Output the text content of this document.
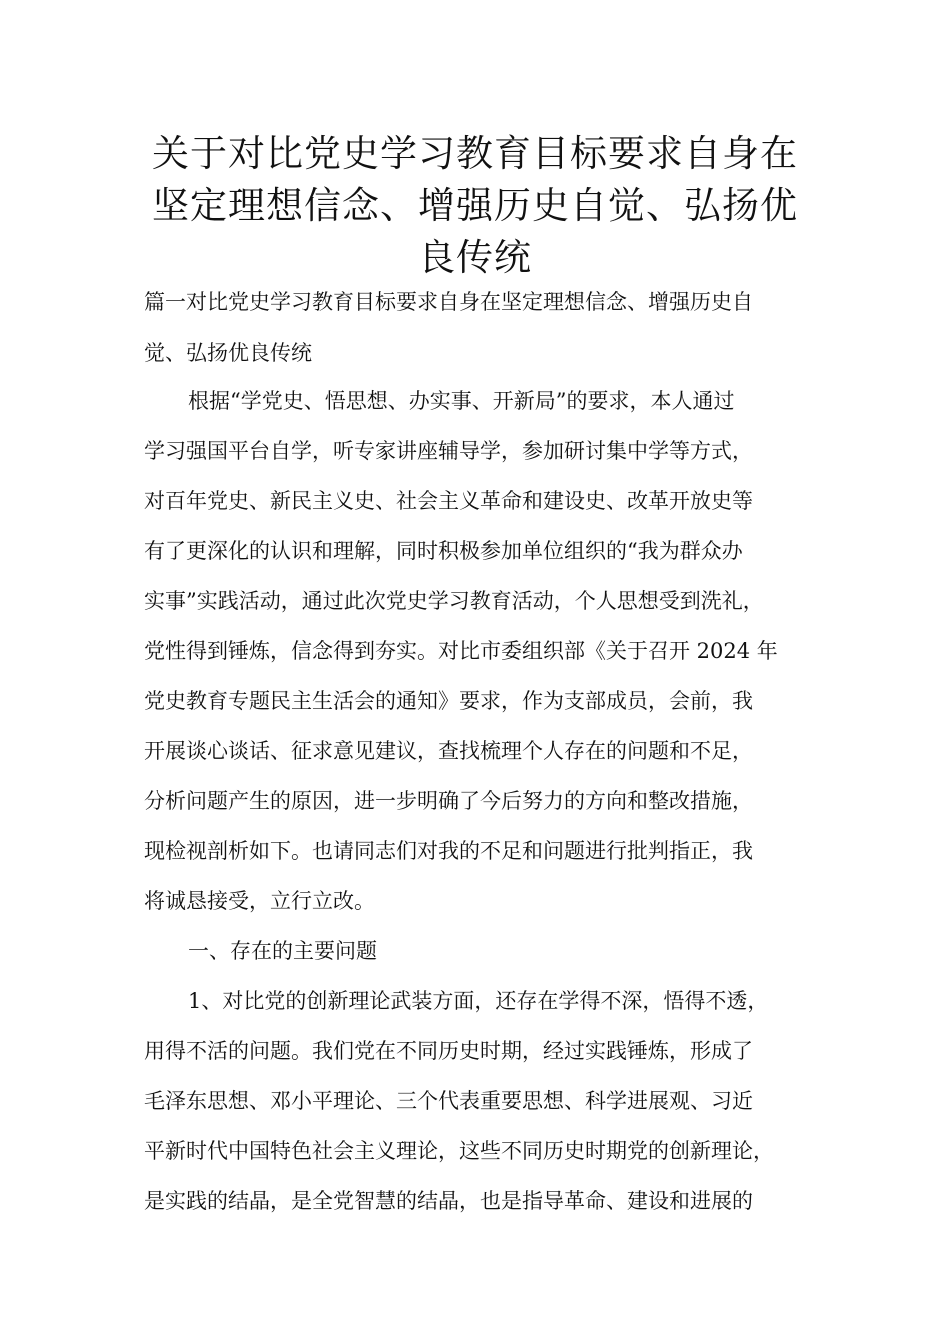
关于对比党史学习教育目标要求自身在
坚定理想信念、增强历史自觉、弘扬优
良传统

篇一对比党史学习教育目标要求自身在坚定理想信念、增强历史自

觉、弘扬优良传统

根据“学党史、悟思想、办实事、开新局”的要求，本人通过

学习强国平台自学，听专家讲座辅导学，参加研讨集中学等方式，

对百年党史、新民主义史、社会主义革命和建设史、改革开放史等

有了更深化的认识和理解，同时积极参加单位组织的“我为群众办

实事”实践活动，通过此次党史学习教育活动，个人思想受到洗礼，

党性得到锤炼，信念得到夯实。对比市委组织部《关于召开 2024 年

党史教育专题民主生活会的通知》要求，作为支部成员，会前，我

开展谈心谈话、征求意见建议，查找梳理个人存在的问题和不足，

分析问题产生的原因，进一步明确了今后努力的方向和整改措施，

现检视剖析如下。也请同志们对我的不足和问题进行批判指正，我

将诚恳接受，立行立改。

一、存在的主要问题

1、对比党的创新理论武装方面，还存在学得不深，悟得不透，

用得不活的问题。我们党在不同历史时期，经过实践锤炼，形成了

毛泽东思想、邓小平理论、三个代表重要思想、科学进展观、习近

平新时代中国特色社会主义理论，这些不同历史时期党的创新理论，

是实践的结晶，是全党智慧的结晶，也是指导革命、建设和进展的
